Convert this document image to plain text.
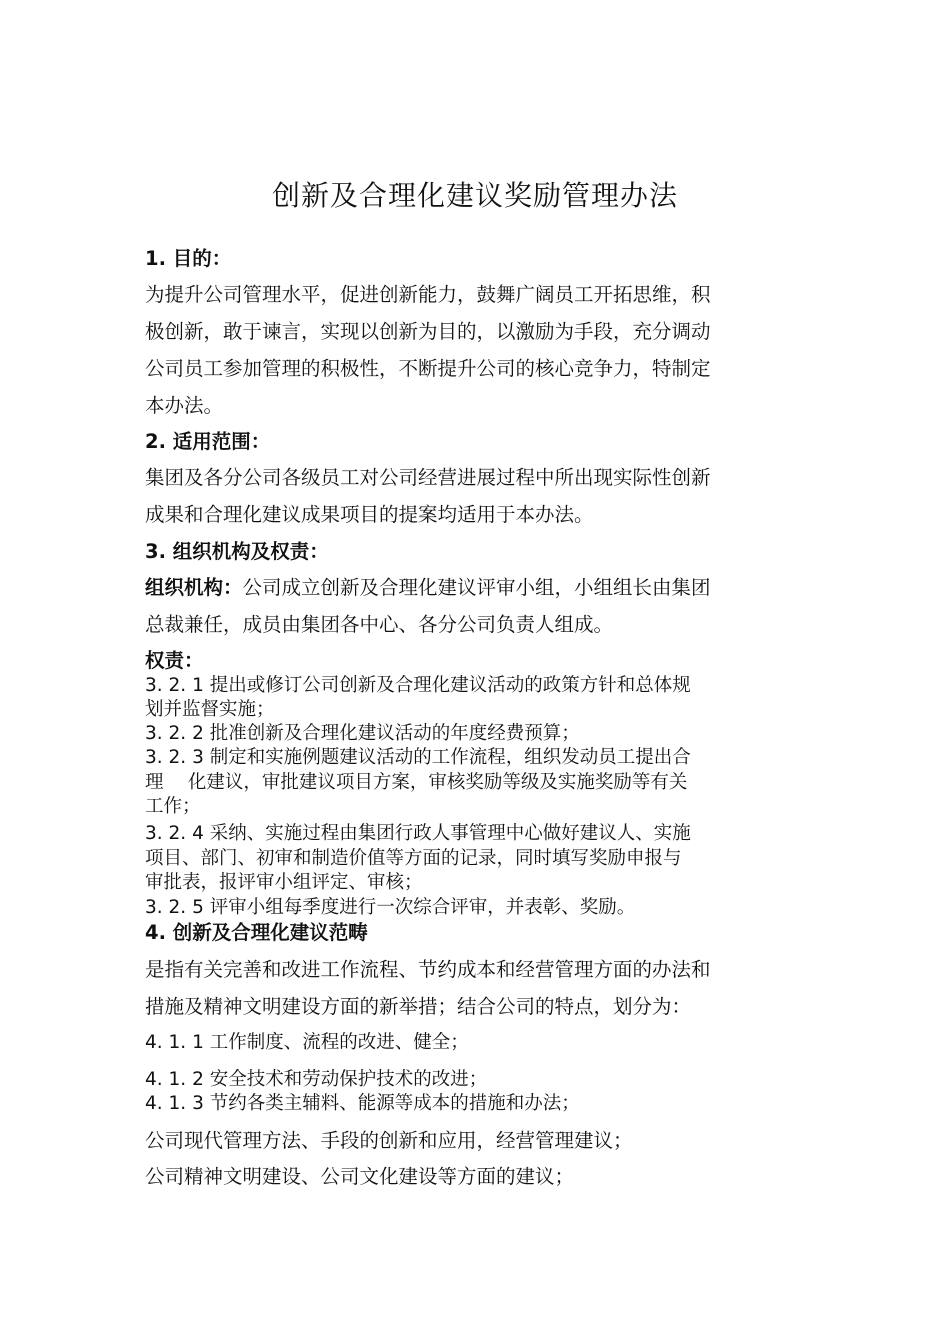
创新及合理化建议奖励管理办法
1. 目的：
为提升公司管理水平，促进创新能力，鼓舞广阔员工开拓思维，积
极创新，敢于谏言，实现以创新为目的，以激励为手段，充分调动
公司员工参加管理的积极性，不断提升公司的核心竞争力，特制定
本办法。
2. 适用范围：
集团及各分公司各级员工对公司经营进展过程中所出现实际性创新
成果和合理化建议成果项目的提案均适用于本办法。
3. 组织机构及权责：
组织机构：公司成立创新及合理化建议评审小组，小组组长由集团
总裁兼任，成员由集团各中心、各分公司负责人组成。
权责：
3. 2. 1 提出或修订公司创新及合理化建议活动的政策方针和总体规
划并监督实施；
3. 2. 2 批准创新及合理化建议活动的年度经费预算；
3. 2. 3 制定和实施例题建议活动的工作流程，组织发动员工提出合
理　 化建议，审批建议项目方案，审核奖励等级及实施奖励等有关
工作；
3. 2. 4 采纳、实施过程由集团行政人事管理中心做好建议人、实施
项目、部门、初审和制造价值等方面的记录，同时填写奖励申报与
审批表，报评审小组评定、审核；
3. 2. 5 评审小组每季度进行一次综合评审，并表彰、奖励。
4. 创新及合理化建议范畴
是指有关完善和改进工作流程、节约成本和经营管理方面的办法和
措施及精神文明建设方面的新举措；结合公司的特点，划分为：
4. 1. 1 工作制度、流程的改进、健全；
4. 1. 2 安全技术和劳动保护技术的改进；
4. 1. 3 节约各类主辅料、能源等成本的措施和办法；
公司现代管理方法、手段的创新和应用，经营管理建议；
公司精神文明建设、公司文化建设等方面的建议；
